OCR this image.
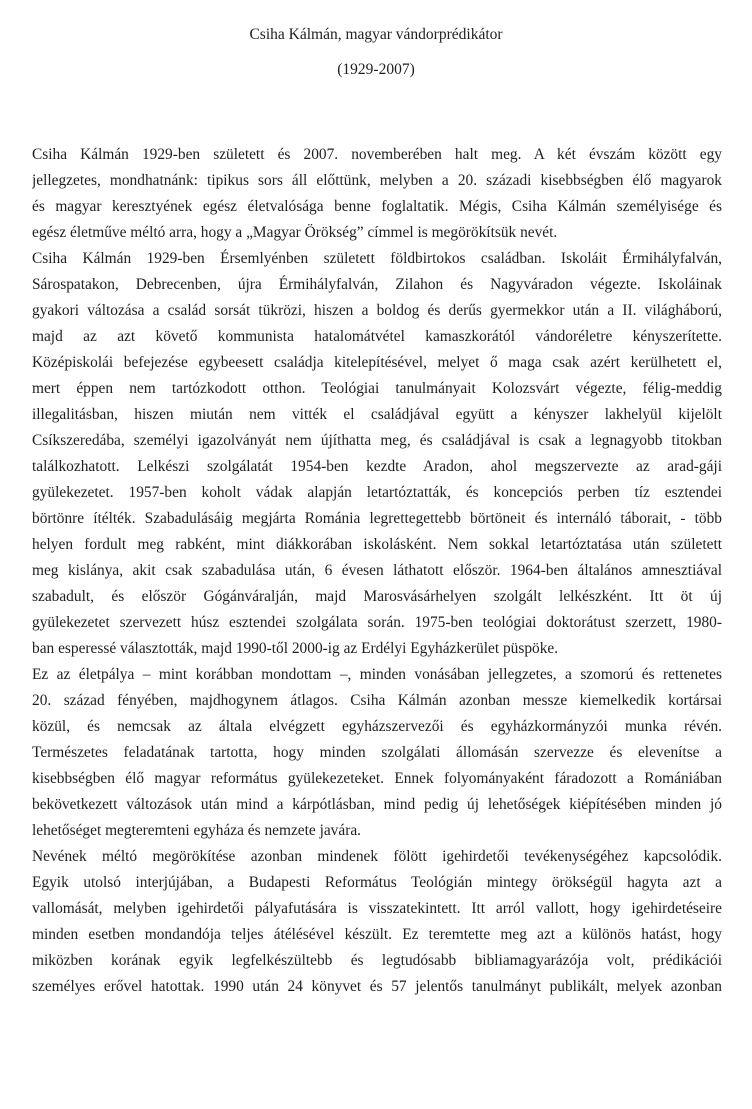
Csiha Kálmán, magyar vándorprédikátor
(1929-2007)
Csiha Kálmán 1929-ben született és 2007. novemberében halt meg. A két évszám között egy
jellegzetes, mondhatnánk: tipikus sors áll előttünk, melyben a 20. századi kisebbségben élő magyarok
és magyar keresztyének egész életvalósága benne foglaltatik. Mégis, Csiha Kálmán személyisége és
egész életműve méltó arra, hogy a „Magyar Örökség” címmel is megörökítsük nevét.
Csiha Kálmán 1929-ben Érsemlyénben született földbirtokos családban. Iskoláit Érmihályfalván,
Sárospatakon, Debrecenben, újra Érmihályfalván, Zilahon és Nagyváradon végezte. Iskoláinak
gyakori változása a család sorsát tükrözi, hiszen a boldog és derűs gyermekkor után a II. világháború,
majd az azt követő kommunista hatalomátvétel kamaszkorától vándoréletre kényszerítette.
Középiskolái befejezése egybeesett családja kitelepítésével, melyet ő maga csak azért kerülhetett el,
mert éppen nem tartózkodott otthon. Teológiai tanulmányait Kolozsvárt végezte, félig-meddig
illegalitásban, hiszen miután nem vitték el családjával együtt a kényszer lakhelyül kijelölt
Csíkszeredába, személyi igazolványát nem újíthatta meg, és családjával is csak a legnagyobb titokban
találkozhatott. Lelkészi szolgálatát 1954-ben kezdte Aradon, ahol megszervezte az arad-gáji
gyülekezetet. 1957-ben koholt vádak alapján letartóztatták, és koncepciós perben tíz esztendei
börtönre ítélték. Szabadulásáig megjárta Románia legrettegettebb börtöneit és internáló táborait, - több
helyen fordult meg rabként, mint diákkorában iskolásként. Nem sokkal letartóztatása után született
meg kislánya, akit csak szabadulása után, 6 évesen láthatott először. 1964-ben általános amnesztiával
szabadult, és először Gógánváralján, majd Marosvásárhelyen szolgált lelkészként. Itt öt új
gyülekezetet szervezett húsz esztendei szolgálata során. 1975-ben teológiai doktorátust szerzett, 1980-
ban esperessé választották, majd 1990-től 2000-ig az Erdélyi Egyházkerület püspöke.
Ez az életpálya – mint korábban mondottam –, minden vonásában jellegzetes, a szomorú és rettenetes
20. század fényében, majdhogynem átlagos. Csiha Kálmán azonban messze kiemelkedik kortársai
közül, és nemcsak az általa elvégzett egyházszervezői és egyházkormányzói munka révén.
Természetes feladatának tartotta, hogy minden szolgálati állomásán szervezze és elevenítse a
kisebbségben élő magyar református gyülekezeteket. Ennek folyományaként fáradozott a Romániában
bekövetkezett változások után mind a kárpótlásban, mind pedig új lehetőségek kiépítésében minden jó
lehetőséget megteremteni egyháza és nemzete javára.
Nevének méltó megörökítése azonban mindenek fölött igehirdetői tevékenységéhez kapcsolódik.
Egyik utolsó interjújában, a Budapesti Református Teológián mintegy örökségül hagyta azt a
vallomását, melyben igehirdetői pályafutására is visszatekintett. Itt arról vallott, hogy igehirdetéseire
minden esetben mondandója teljes átélésével készült. Ez teremtette meg azt a különös hatást, hogy
miközben korának egyik legfelkészültebb és legtudósabb bibliamagyarázója volt, prédikációi
személyes erővel hatottak. 1990 után 24 könyvet és 57 jelentős tanulmányt publikált, melyek azonban
